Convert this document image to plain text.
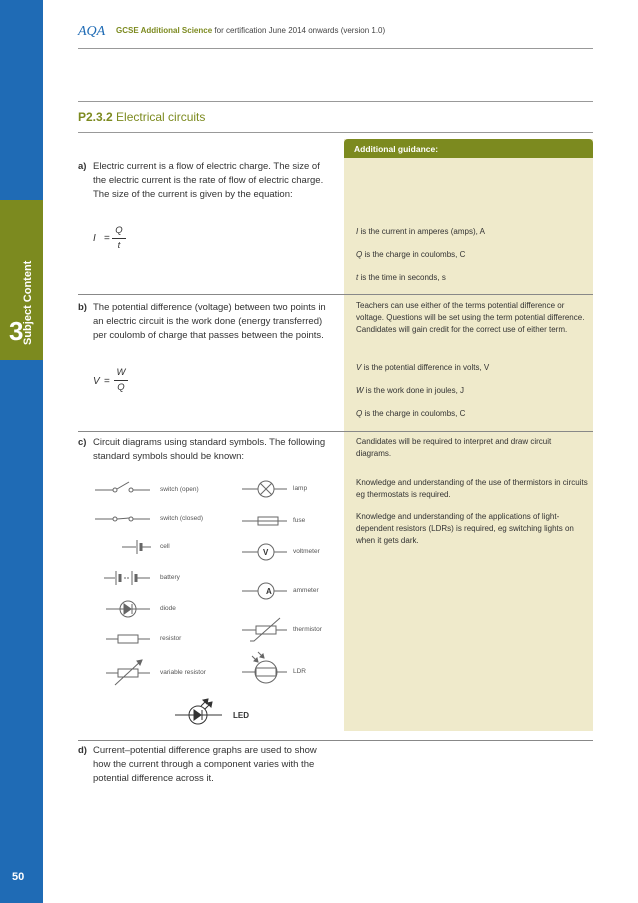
3
Subject Content
50
AQA GCSE Additional Science for certification June 2014 onwards (version 1.0)
P2.3.2 Electrical circuits
Additional guidance:
a) Electric current is a flow of electric charge. The size of the electric current is the rate of flow of electric charge. The size of the current is given by the equation:
I =
Q
t
I is the current in amperes (amps), A
Q is the charge in coulombs, C
t is the time in seconds, s
b) The potential difference (voltage) between two points in an electric circuit is the work done (energy transferred) per coulomb of charge that passes between the points.
V =
W
Q
Teachers can use either of the terms potential difference or voltage. Questions will be set using the term potential difference. Candidates will gain credit for the correct use of either term.
V is the potential difference in volts, V
W is the work done in joules, J
Q is the charge in coulombs, C
c) Circuit diagrams using standard symbols. The following standard symbols should be known:
Candidates will be required to interpret and draw circuit diagrams.
Knowledge and understanding of the use of thermistors in circuits eg thermostats is required.
Knowledge and understanding of the applications of light-dependent resistors (LDRs) is required, eg switching lights on when it gets dark.
A
V
switch (open)
switch (closed)
cell
battery
diode
resistor
variable resistor
lamp
fuse
voltmeter
ammeter
thermistor
LDR
LED
d) Current–potential difference graphs are used to show how the current through a component varies with the potential difference across it.
